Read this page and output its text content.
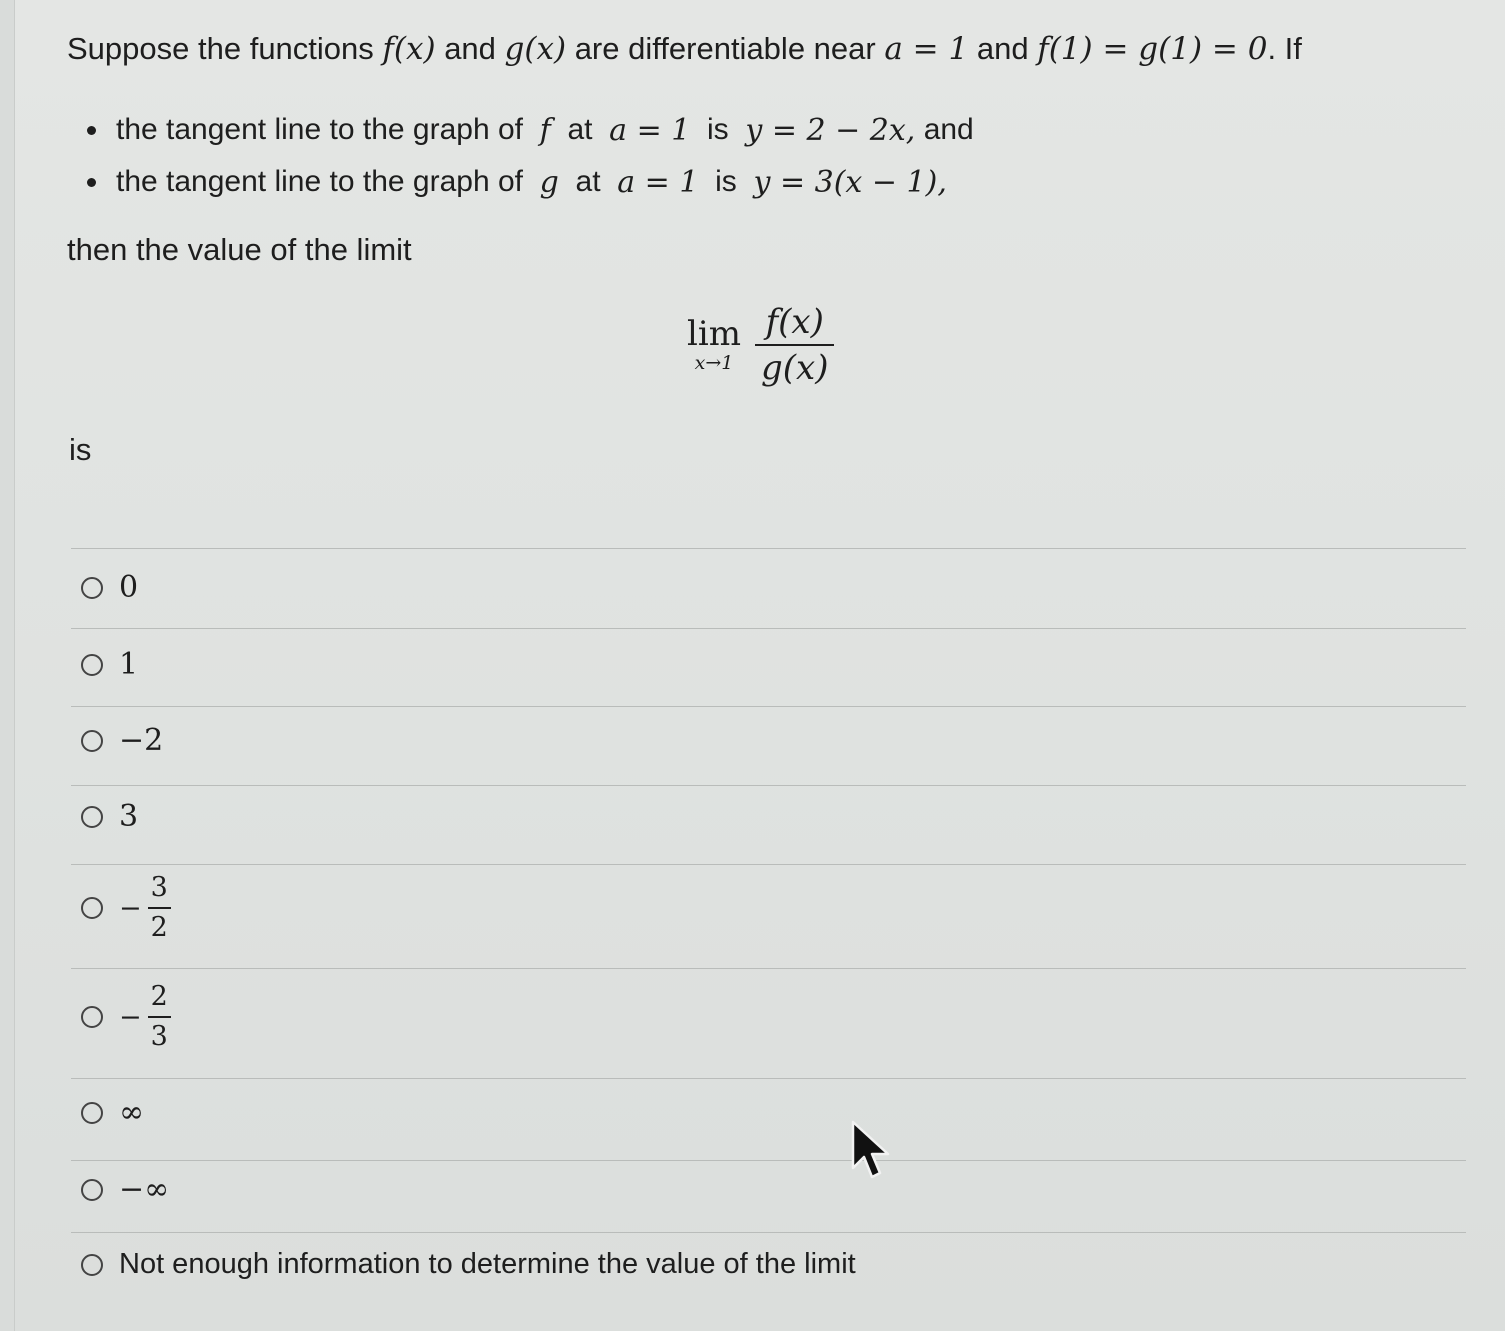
Suppose the functions f(x) and g(x) are differentiable near a = 1 and f(1) = g(1) = 0. If
the tangent line to the graph of
f
at
a = 1
is
y = 2 − 2x,
and
the tangent line to the graph of
g
at
a = 1
is
y = 3(x − 1),
then the value of the limit
lim
$x\to 1 \frac{f(x)}{g(x)}$
is
0
1
−2
3
− $\frac{3}{2}$
− $\frac{2}{3}$
∞
−∞
Not enough information to determine the value of the limit
